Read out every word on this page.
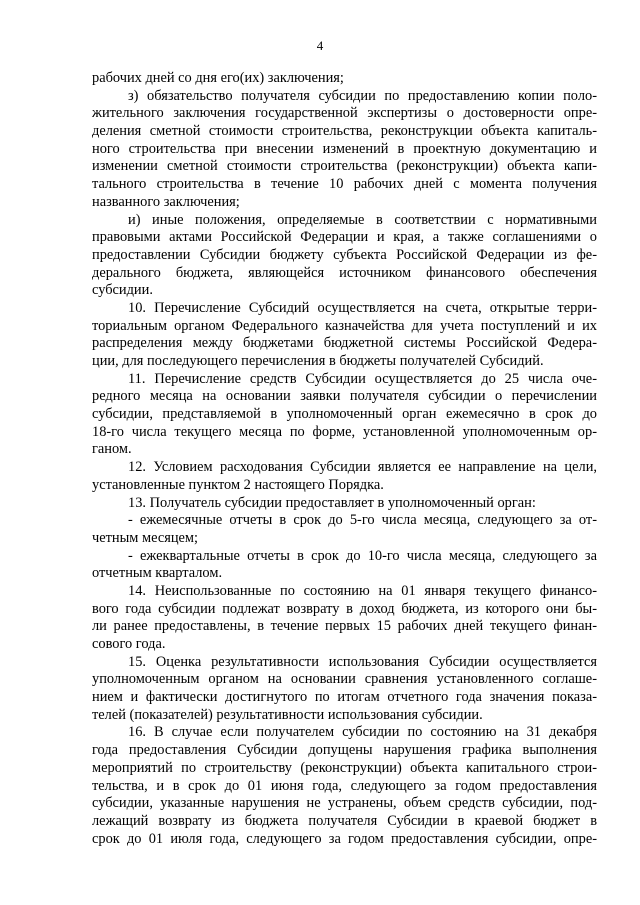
4
рабочих дней со дня его(их) заключения;
з) обязательство получателя субсидии по предоставлению копии поло-
жительного заключения государственной экспертизы о достоверности опре-
деления сметной стоимости строительства, реконструкции объекта капиталь-
ного строительства при внесении изменений в проектную документацию и
изменении сметной стоимости строительства (реконструкции) объекта капи-
тального строительства в течение 10 рабочих дней с момента получения
названного заключения;
и) иные положения, определяемые в соответствии с нормативными
правовыми актами Российской Федерации и края, а также соглашениями о
предоставлении Субсидии бюджету субъекта Российской Федерации из фе-
дерального бюджета, являющейся источником финансового обеспечения
субсидии.
10. Перечисление Субсидий осуществляется на счета, открытые терри-
ториальным органом Федерального казначейства для учета поступлений и их
распределения между бюджетами бюджетной системы Российской Федера-
ции, для последующего перечисления в бюджеты получателей Субсидий.
11. Перечисление средств Субсидии осуществляется до 25 числа оче-
редного месяца на основании заявки получателя субсидии о перечислении
субсидии, представляемой в уполномоченный орган ежемесячно в срок до
18-го числа текущего месяца по форме, установленной уполномоченным ор-
ганом.
12. Условием расходования Субсидии является ее направление на цели,
установленные пунктом 2 настоящего Порядка.
13. Получатель субсидии предоставляет в уполномоченный орган:
- ежемесячные отчеты в срок до 5-го числа месяца, следующего за от-
четным месяцем;
- ежеквартальные отчеты в срок до 10-го числа месяца, следующего за
отчетным кварталом.
14. Неиспользованные по состоянию на 01 января текущего финансо-
вого года субсидии подлежат возврату в доход бюджета, из которого они бы-
ли ранее предоставлены, в течение первых 15 рабочих дней текущего финан-
сового года.
15. Оценка результативности использования Субсидии осуществляется
уполномоченным органом на основании сравнения установленного соглаше-
нием и фактически достигнутого по итогам отчетного года значения показа-
телей (показателей) результативности использования субсидии.
16. В случае если получателем субсидии по состоянию на 31 декабря
года предоставления Субсидии допущены нарушения графика выполнения
мероприятий по строительству (реконструкции) объекта капитального строи-
тельства, и в срок до 01 июня года, следующего за годом предоставления
субсидии, указанные нарушения не устранены, объем средств субсидии, под-
лежащий возврату из бюджета получателя Субсидии в краевой бюджет в
срок до 01 июля года, следующего за годом предоставления субсидии, опре-
